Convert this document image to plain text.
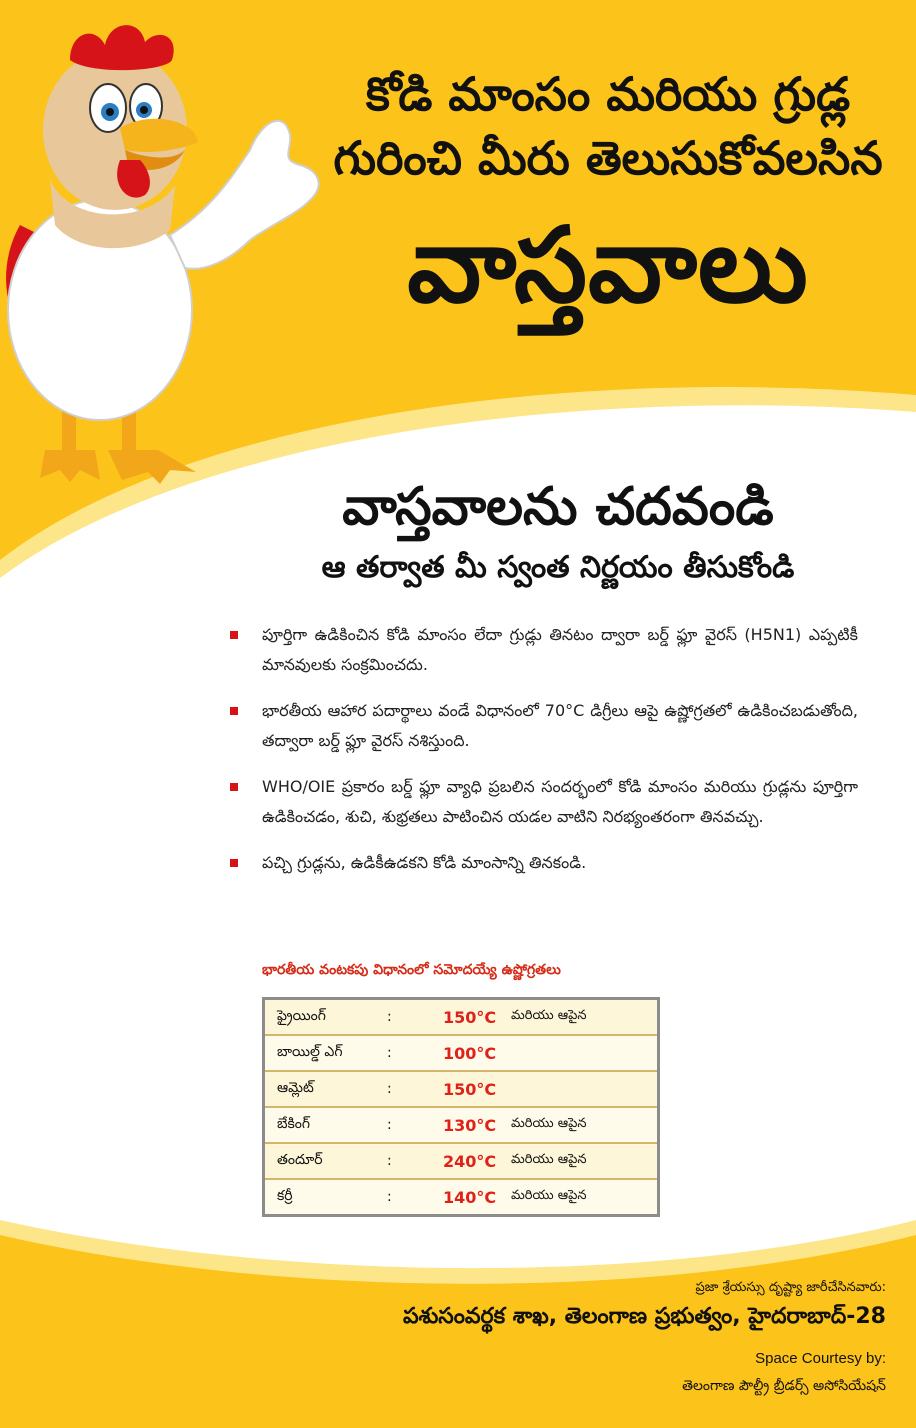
కోడి మాంసం మరియు గ్రుడ్ల
గురించి మీరు తెలుసుకోవలసిన
వాస్తవాలు
వాస్తవాలను చదవండి
ఆ తర్వాత మీ స్వంత నిర్ణయం తీసుకోండి
పూర్తిగా ఉడికించిన కోడి మాంసం లేదా గ్రుడ్లు తినటం ద్వారా బర్డ్ ఫ్లూ వైరస్ (H5N1) ఎప్పటికీ మానవులకు సంక్రమించదు.
భారతీయ ఆహార పదార్థాలు వండే విధానంలో 70°C డిగ్రీలు ఆపై ఉష్ణోగ్రతలో ఉడికించబడుతోంది, తద్వారా బర్డ్ ఫ్లూ వైరస్ నశిస్తుంది.
WHO/OIE ప్రకారం బర్డ్ ఫ్లూ వ్యాధి ప్రబలిన సందర్భంలో కోడి మాంసం మరియు గ్రుడ్లను పూర్తిగా ఉడికించడం, శుచి, శుభ్రతలు పాటించిన యడల వాటిని నిరభ్యంతరంగా తినవచ్చు.
పచ్చి గ్రుడ్లను, ఉడికీఉడకని కోడి మాంసాన్ని తినకండి.
భారతీయ వంటకపు విధానంలో సమోదయ్యే ఉష్ణోగ్రతలు
ఫ్రైయింగ్	:	150°C	మరియు ఆపైన
బాయిల్డ్ ఎగ్	:	100°C
ఆమ్లెట్	:	150°C
బేకింగ్	:	130°C	మరియు ఆపైన
తందూర్	:	240°C	మరియు ఆపైన
కర్రీ	:	140°C	మరియు ఆపైన
ప్రజా శ్రేయస్సు దృష్ట్యా జారీచేసినవారు:
పశుసంవర్థక శాఖ, తెలంగాణ ప్రభుత్వం, హైదరాబాద్-28
Space Courtesy by:
తెలంగాణ పౌల్ట్రీ బ్రీడర్స్ అసోసియేషన్
